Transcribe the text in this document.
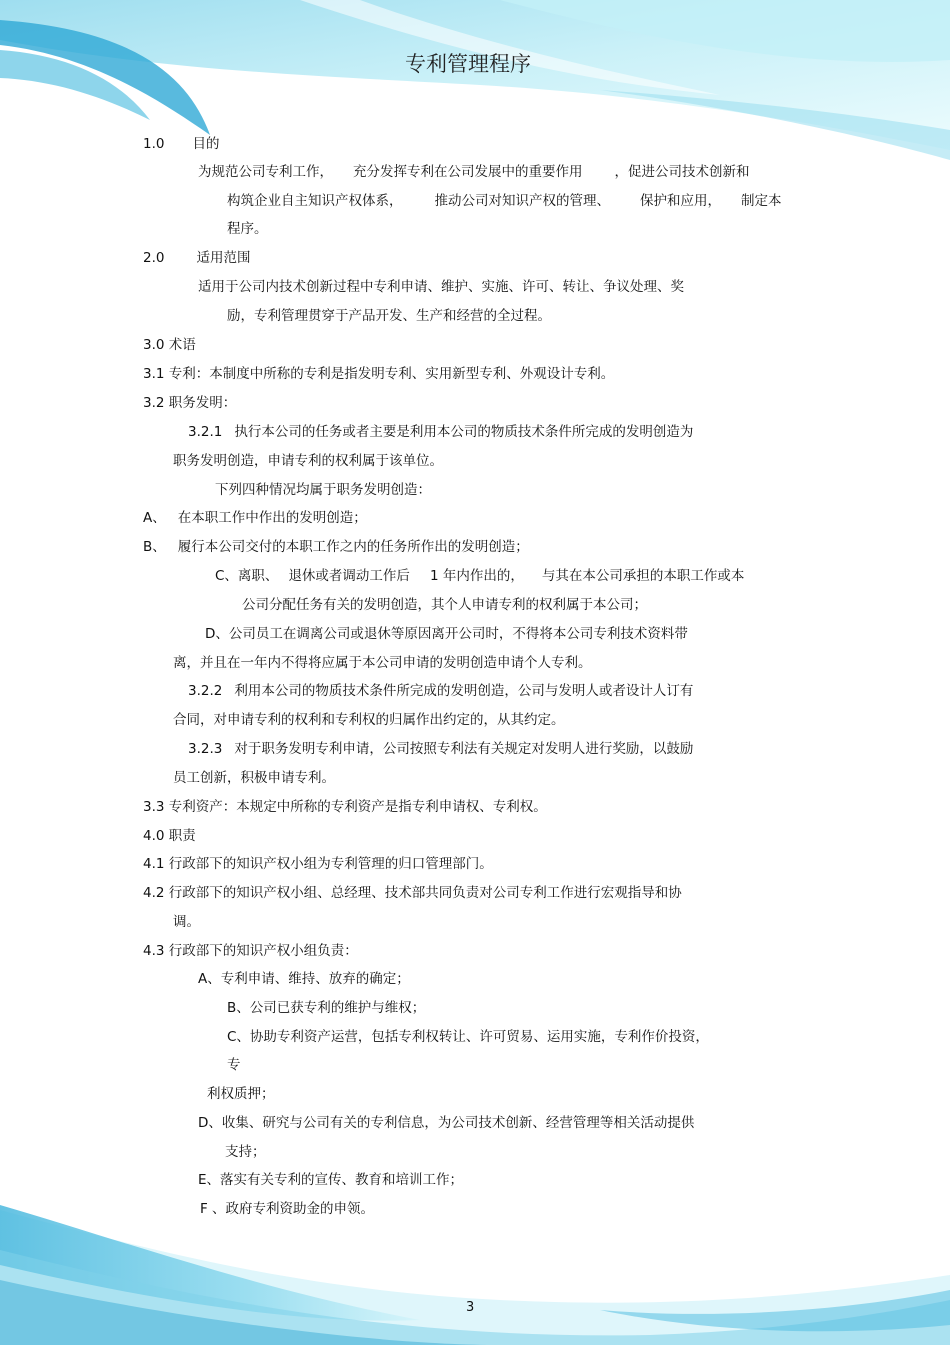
专利管理程序
1.0 目的
为规范公司专利工作， 充分发挥专利在公司发展中的重要作用 ，促进公司技术创新和
构筑企业自主知识产权体系， 推动公司对知识产权的管理、 保护和应用， 制定本
程序。
2.0 适用范围
适用于公司内技术创新过程中专利申请、维护、实施、许可、转让、争议处理、奖
励，专利管理贯穿于产品开发、生产和经营的全过程。
3.0 术语
3.1 专利：本制度中所称的专利是指发明专利、实用新型专利、外观设计专利。
3.2 职务发明：
3.2.1 执行本公司的任务或者主要是利用本公司的物质技术条件所完成的发明创造为
职务发明创造，申请专利的权利属于该单位。
下列四种情况均属于职务发明创造：
A、 在本职工作中作出的发明创造；
B、 履行本公司交付的本职工作之内的任务所作出的发明创造；
C、离职、 退休或者调动工作后 1 年内作出的， 与其在本公司承担的本职工作或本
公司分配任务有关的发明创造，其个人申请专利的权利属于本公司；
D、公司员工在调离公司或退休等原因离开公司时，不得将本公司专利技术资料带
离，并且在一年内不得将应属于本公司申请的发明创造申请个人专利。
3.2.2 利用本公司的物质技术条件所完成的发明创造，公司与发明人或者设计人订有
合同，对申请专利的权利和专利权的归属作出约定的，从其约定。
3.2.3 对于职务发明专利申请，公司按照专利法有关规定对发明人进行奖励，以鼓励
员工创新，积极申请专利。
3.3 专利资产：本规定中所称的专利资产是指专利申请权、专利权。
4.0 职责
4.1 行政部下的知识产权小组为专利管理的归口管理部门。
4.2 行政部下的知识产权小组、总经理、技术部共同负责对公司专利工作进行宏观指导和协
调。
4.3 行政部下的知识产权小组负责：
A、专利申请、维持、放弃的确定；
B、公司已获专利的维护与维权；
C、协助专利资产运营，包括专利权转让、许可贸易、运用实施，专利作价投资，
专
利权质押；
D、收集、研究与公司有关的专利信息，为公司技术创新、经营管理等相关活动提供
支持；
E、落实有关专利的宣传、教育和培训工作；
F 、政府专利资助金的申领。
3
